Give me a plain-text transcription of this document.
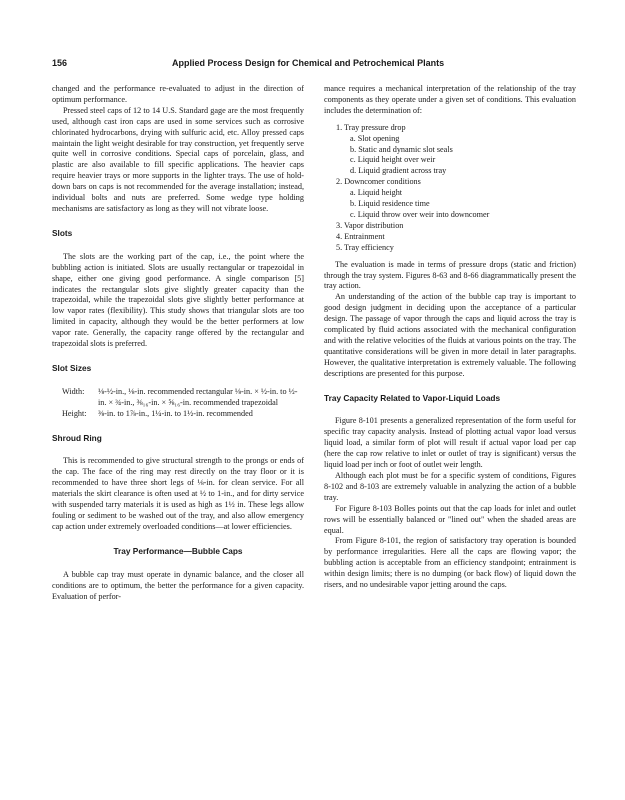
156	Applied Process Design for Chemical and Petrochemical Plants

changed and the performance re-evaluated to adjust in the direction of optimum performance.

Pressed steel caps of 12 to 14 U.S. Standard gage are the most frequently used, although cast iron caps are used in some services such as corrosive chlorinated hydrocarbons, drying with sulfuric acid, etc. Alloy pressed caps maintain the light weight desirable for tray construction, yet frequently serve quite well in corrosive conditions. Special caps of porcelain, glass, and plastic are also available to fill specific applications. The heavier caps require heavier trays or more supports in the lighter trays. The use of hold-down bars on caps is not recommended for the average installation; instead, individual bolts and nuts are preferred. Some wedge type holding mechanisms are satisfactory as long as they will not vibrate loose.

Slots

The slots are the working part of the cap, i.e., the point where the bubbling action is initiated. Slots are usually rectangular or trapezoidal in shape, either one giving good performance. A single comparison [5] indicates the rectangular slots give slightly greater capacity than the trapezoidal, while the trapezoidal slots give slightly better performance at low vapor rates (flexibility). This study shows that triangular slots are too limited in capacity, although they would be the better performers at low vapor rate. Generally, the capacity range offered by the rectangular and trapezoidal slots is preferred.

Slot Sizes
Width:	⅛-½-in., ⅛-in. recommended rectangular ⅛-in. × ½-in. to ½-in. × ¾-in., ⅜₁₆-in. × ⅝₁₆-in. recommended trapezoidal
Height:	⅜-in. to 1⅞-in., 1¼-in. to 1½-in. recommended
Shroud Ring

This is recommended to give structural strength to the prongs or ends of the cap. The face of the ring may rest directly on the tray floor or it is recommended to have three short legs of ⅛-in. for clean service. For all materials the skirt clearance is often used at ½ to 1-in., and for dirty service with suspended tarry materials it is used as high as 1½ in. These legs allow fouling or sediment to be washed out of the tray, and also allow emergency cap action under extremely overloaded conditions—at lower efficiencies.

Tray Performance—Bubble Caps

A bubble cap tray must operate in dynamic balance, and the closer all conditions are to optimum, the better the performance for a given capacity. Evaluation of perfor-

mance requires a mechanical interpretation of the relationship of the tray components as they operate under a given set of conditions. This evaluation includes the determination of:

1. Tray pressure drop
a. Slot opening
b. Static and dynamic slot seals
c. Liquid height over weir
d. Liquid gradient across tray
2. Downcomer conditions
a. Liquid height
b. Liquid residence time
c. Liquid throw over weir into downcomer
3. Vapor distribution
4. Entrainment
5. Tray efficiency

The evaluation is made in terms of pressure drops (static and friction) through the tray system. Figures 8-63 and 8-66 diagrammatically present the tray action.

An understanding of the action of the bubble cap tray is important to good design judgment in deciding upon the acceptance of a particular design. The passage of vapor through the caps and liquid across the tray is complicated by fluid actions associated with the mechanical configuration and with the relative velocities of the fluids at various points on the tray. The quantitative considerations will be given in more detail in later paragraphs. However, the qualitative interpretation is extremely valuable. The following descriptions are presented for this purpose.

Tray Capacity Related to Vapor-Liquid Loads

Figure 8-101 presents a generalized representation of the form useful for specific tray capacity analysis. Instead of plotting actual vapor load versus liquid load, a similar form of plot will result if actual vapor load per cap (here the cap row relative to inlet or outlet of tray is significant) versus the liquid load per inch or foot of outlet weir length.

Although each plot must be for a specific system of conditions, Figures 8-102 and 8-103 are extremely valuable in analyzing the action of a bubble tray.

For Figure 8-103 Bolles points out that the cap loads for inlet and outlet rows will be essentially balanced or "lined out" when the shaded areas are equal.

From Figure 8-101, the region of satisfactory tray operation is bounded by performance irregularities. Here all the caps are flowing vapor; the bubbling action is acceptable from an efficiency standpoint; entrainment is within design limits; there is no dumping (or back flow) of liquid down the risers, and no undesirable vapor jetting around the caps.
